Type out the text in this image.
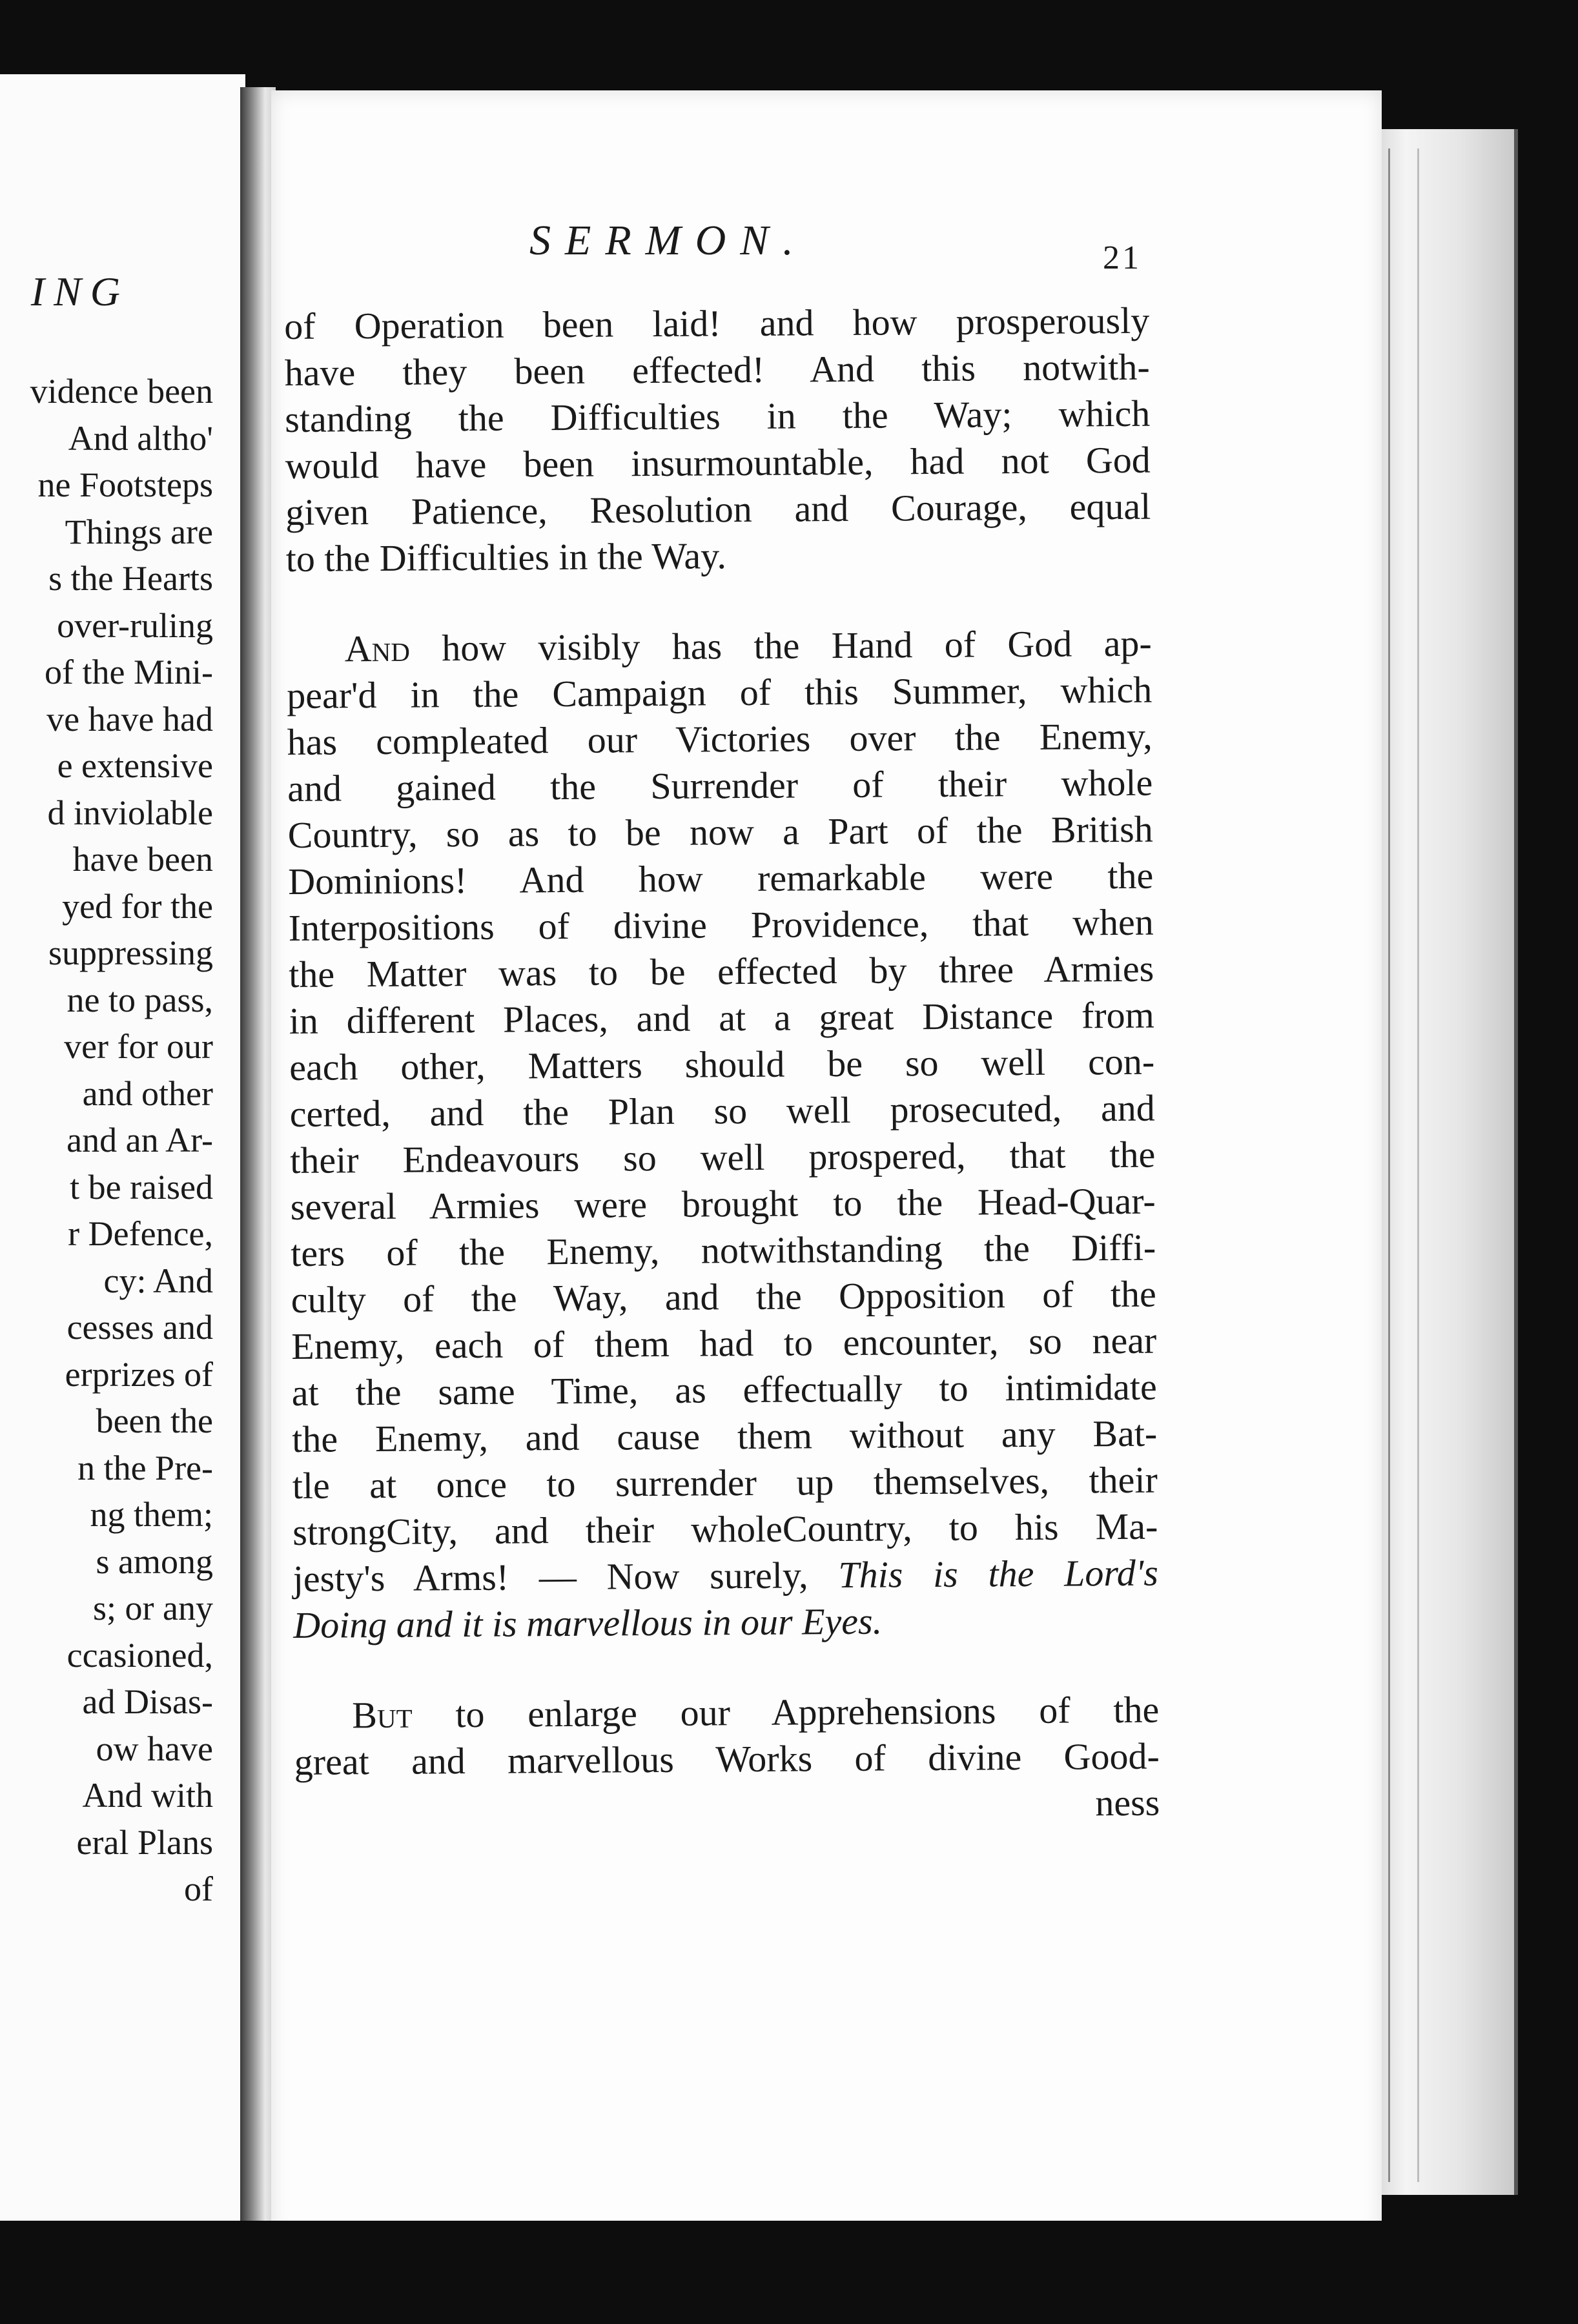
ING
vidence been
And altho'
ne Footsteps
Things are
s the Hearts
over-ruling
of the Mini-
ve have had
e extensive
d inviolable
have been
yed for the
suppressing
ne to pass,
ver for our
and other
and an Ar-
t be raised
r Defence,
cy: And
cesses and
erprizes of
been the
n the Pre-
ng them;
s among
s; or any
ccasioned,
ad Disas-
ow have
And with
eral Plans
of
SERMON.	21
of Operation been laid! and how prosperously
have they been effected! And this notwith-
standing the Difficulties in the Way; which
would have been insurmountable, had not God
given Patience, Resolution and Courage, equal
to the Difficulties in the Way.
And how visibly has the Hand of God ap-
pear'd in the Campaign of this Summer, which
has compleated our Victories over the Enemy,
and gained the Surrender of their whole
Country, so as to be now a Part of the British
Dominions! And how remarkable were the
Interpositions of divine Providence, that when
the Matter was to be effected by three Armies
in different Places, and at a great Distance from
each other, Matters should be so well con-
certed, and the Plan so well prosecuted, and
their Endeavours so well prospered, that the
several Armies were brought to the Head-Quar-
ters of the Enemy, notwithstanding the Diffi-
culty of the Way, and the Opposition of the
Enemy, each of them had to encounter, so near
at the same Time, as effectually to intimidate
the Enemy, and cause them without any Bat-
tle at once to surrender up themselves, their
strongCity, and their wholeCountry, to his Ma-
jesty's Arms! — Now surely, This is the Lord's
Doing and it is marvellous in our Eyes.
But to enlarge our Apprehensions of the
great and marvellous Works of divine Good-
ness
